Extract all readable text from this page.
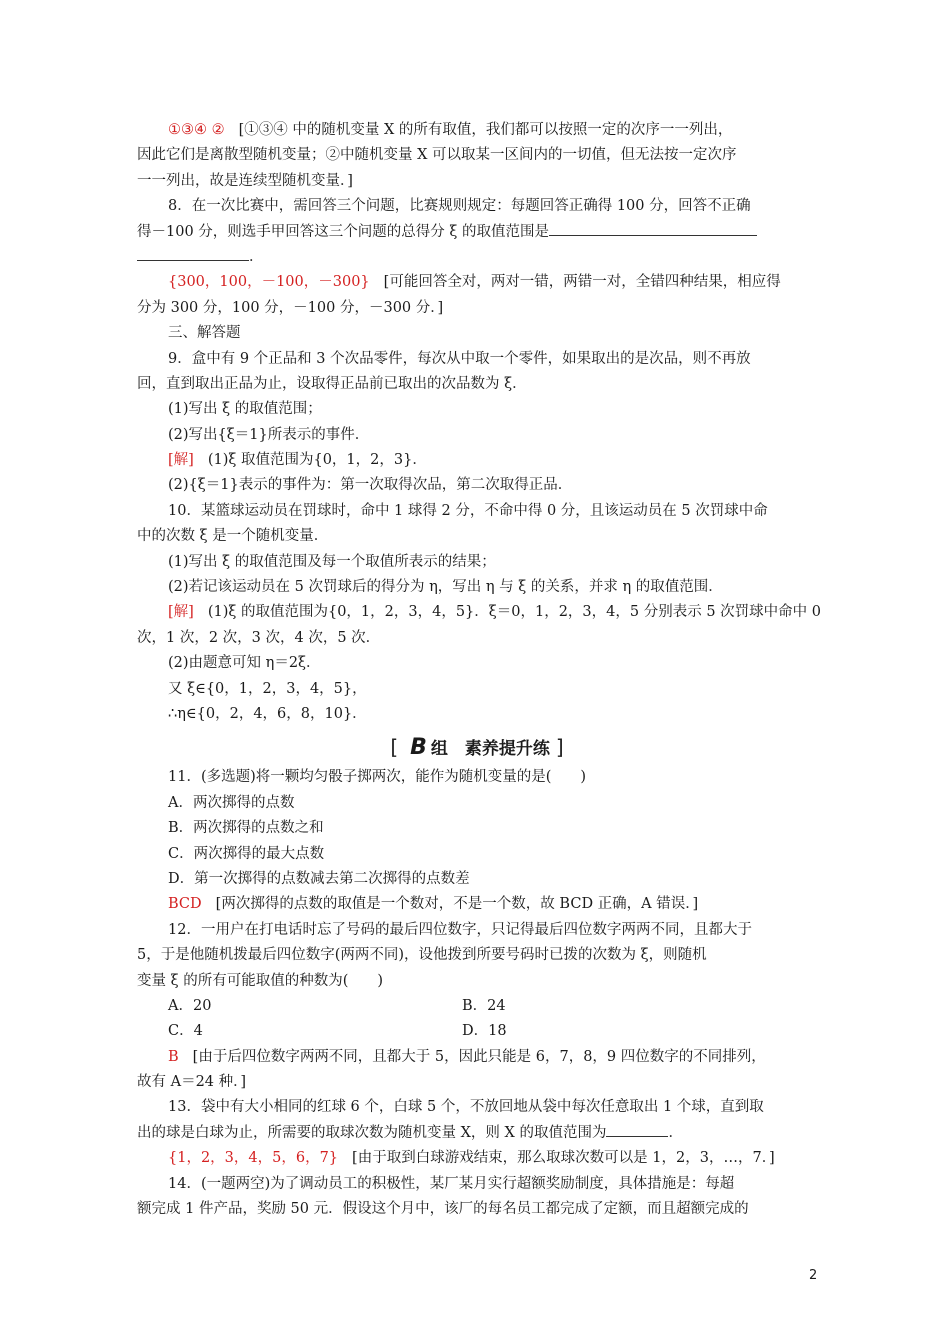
①③④ ② [①③④ 中的随机变量 X 的所有取值，我们都可以按照一定的次序一一列出，
因此它们是离散型随机变量；②中随机变量 X 可以取某一区间内的一切值，但无法按一定次序
一一列出，故是连续型随机变量．]
8．在一次比赛中，需回答三个问题，比赛规则规定：每题回答正确得 100 分，回答不正确
得－100 分，则选手甲回答这三个问题的总得分 ξ 的取值范围是
．
{300，100，－100，－300} [可能回答全对，两对一错，两错一对，全错四种结果，相应得
分为 300 分，100 分，－100 分，－300 分．]
三、解答题
9．盒中有 9 个正品和 3 个次品零件，每次从中取一个零件，如果取出的是次品，则不再放
回，直到取出正品为止，设取得正品前已取出的次品数为 ξ．
(1)写出 ξ 的取值范围；
(2)写出{ξ＝1}所表示的事件．
[解] (1)ξ 取值范围为{0，1，2，3}．
(2){ξ＝1}表示的事件为：第一次取得次品，第二次取得正品．
10．某篮球运动员在罚球时，命中 1 球得 2 分，不命中得 0 分，且该运动员在 5 次罚球中命
中的次数 ξ 是一个随机变量．
(1)写出 ξ 的取值范围及每一个取值所表示的结果；
(2)若记该运动员在 5 次罚球后的得分为 η，写出 η 与 ξ 的关系，并求 η 的取值范围．
[解] (1)ξ 的取值范围为{0，1，2，3，4，5}．ξ＝0，1，2，3，4，5 分别表示 5 次罚球中命中 0
次，1 次，2 次，3 次，4 次，5 次．
(2)由题意可知 η＝2ξ．
又 ξ∈{0，1，2，3，4，5}，
∴η∈{0，2，4，6，8，10}．
[ B 组　素养提升练 ]
11．(多选题)将一颗均匀骰子掷两次，能作为随机变量的是(　　)
A．两次掷得的点数
B．两次掷得的点数之和
C．两次掷得的最大点数
D．第一次掷得的点数减去第二次掷得的点数差
BCD [两次掷得的点数的取值是一个数对，不是一个数，故 BCD 正确，A 错误．]
12．一用户在打电话时忘了号码的最后四位数字，只记得最后四位数字两两不同，且都大于
5，于是他随机拨最后四位数字(两两不同)，设他拨到所要号码时已拨的次数为 ξ，则随机
变量 ξ 的所有可能取值的种数为(　　)
A．20	B．24
C．4	D．18
B [由于后四位数字两两不同，且都大于 5，因此只能是 6，7，8，9 四位数字的不同排列，
故有 A＝24 种．]
13．袋中有大小相同的红球 6 个，白球 5 个，不放回地从袋中每次任意取出 1 个球，直到取
出的球是白球为止，所需要的取球次数为随机变量 X，则 X 的取值范围为	．
{1，2，3，4，5，6，7} [由于取到白球游戏结束，那么取球次数可以是 1，2，3，…，7．]
14．(一题两空)为了调动员工的积极性，某厂某月实行超额奖励制度，具体措施是：每超
额完成 1 件产品，奖励 50 元．假设这个月中，该厂的每名员工都完成了定额，而且超额完成的
2
